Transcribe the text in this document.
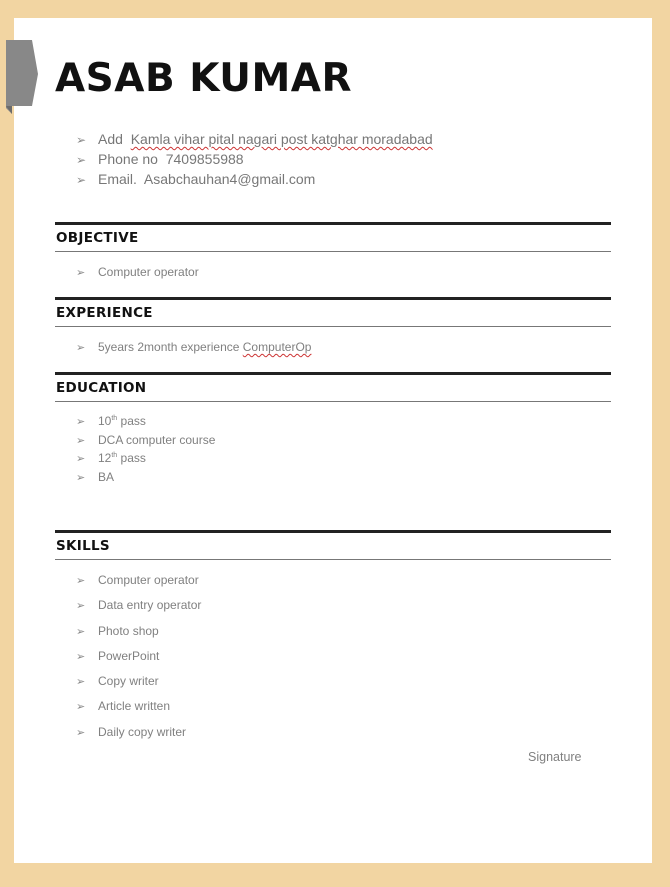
ASAB KUMAR
➢ Add Kamla vihar pital nagari post katghar moradabad
➢ Phone no 7409855988
➢ Email. Asabchauhan4@gmail.com
OBJECTIVE
➢ Computer operator
EXPERIENCE
➢ 5years 2month experience ComputerOp
EDUCATION
➢ 10th pass
➢ DCA computer course
➢ 12th pass
➢ BA
SKILLS
➢ Computer operator
➢ Data entry operator
➢ Photo shop
➢ PowerPoint
➢ Copy writer
➢ Article written
➢ Daily copy writer
Signature
